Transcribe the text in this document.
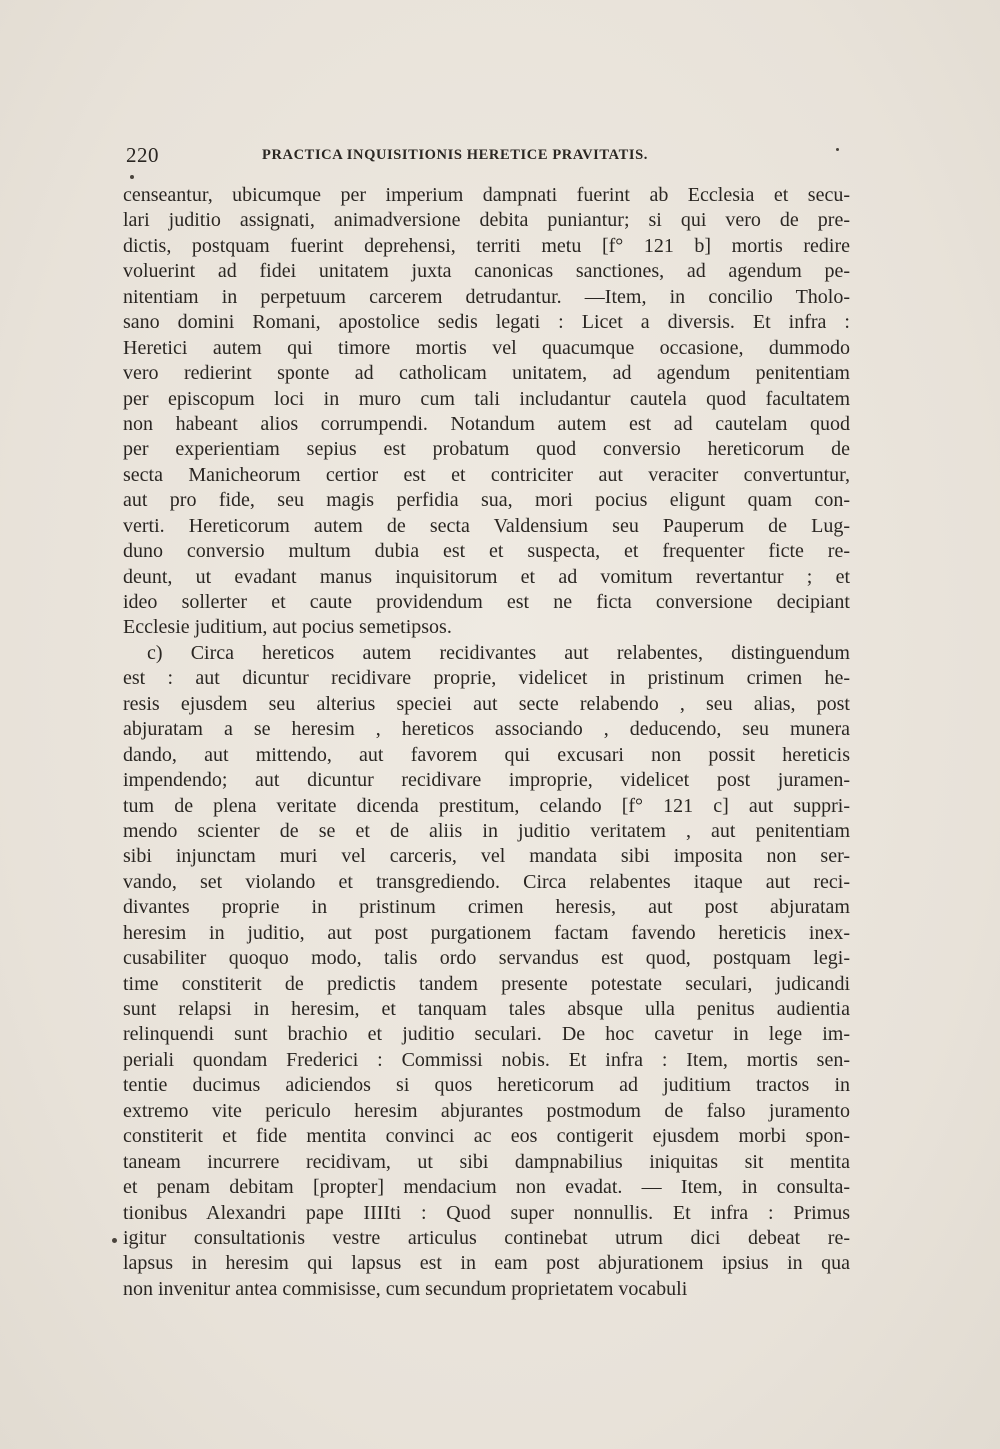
220	PRACTICA INQUISITIONIS HERETICE PRAVITATIS.
censeantur, ubicumque per imperium dampnati fuerint ab Ecclesia et secu-
lari juditio assignati, animadversione debita puniantur; si qui vero de pre-
dictis, postquam fuerint deprehensi, territi metu [f° 121 b] mortis redire
voluerint ad fidei unitatem juxta canonicas sanctiones, ad agendum pe-
nitentiam in perpetuum carcerem detrudantur. —Item, in concilio Tholo-
sano domini Romani, apostolice sedis legati : Licet a diversis. Et infra :
Heretici autem qui timore mortis vel quacumque occasione, dummodo
vero redierint sponte ad catholicam unitatem, ad agendum penitentiam
per episcopum loci in muro cum tali includantur cautela quod facultatem
non habeant alios corrumpendi. Notandum autem est ad cautelam quod
per experientiam sepius est probatum quod conversio hereticorum de
secta Manicheorum certior est et contriciter aut veraciter convertuntur,
aut pro fide, seu magis perfidia sua, mori pocius eligunt quam con-
verti. Hereticorum autem de secta Valdensium seu Pauperum de Lug-
duno conversio multum dubia est et suspecta, et frequenter ficte re-
deunt, ut evadant manus inquisitorum et ad vomitum revertantur ; et
ideo sollerter et caute providendum est ne ficta conversione decipiant
Ecclesie juditium, aut pocius semetipsos.
c) Circa hereticos autem recidivantes aut relabentes, distinguendum
est : aut dicuntur recidivare proprie, videlicet in pristinum crimen he-
resis ejusdem seu alterius speciei aut secte relabendo , seu alias, post
abjuratam a se heresim , hereticos associando , deducendo, seu munera
dando, aut mittendo, aut favorem qui excusari non possit hereticis
impendendo; aut dicuntur recidivare improprie, videlicet post juramen-
tum de plena veritate dicenda prestitum, celando [f° 121 c] aut suppri-
mendo scienter de se et de aliis in juditio veritatem , aut penitentiam
sibi injunctam muri vel carceris, vel mandata sibi imposita non ser-
vando, set violando et transgrediendo. Circa relabentes itaque aut reci-
divantes proprie in pristinum crimen heresis, aut post abjuratam
heresim in juditio, aut post purgationem factam favendo hereticis inex-
cusabiliter quoquo modo, talis ordo servandus est quod, postquam legi-
time constiterit de predictis tandem presente potestate seculari, judicandi
sunt relapsi in heresim, et tanquam tales absque ulla penitus audientia
relinquendi sunt brachio et juditio seculari. De hoc cavetur in lege im-
periali quondam Frederici : Commissi nobis. Et infra : Item, mortis sen-
tentie ducimus adiciendos si quos hereticorum ad juditium tractos in
extremo vite periculo heresim abjurantes postmodum de falso juramento
constiterit et fide mentita convinci ac eos contigerit ejusdem morbi spon-
taneam incurrere recidivam, ut sibi dampnabilius iniquitas sit mentita
et penam debitam [propter] mendacium non evadat. — Item, in consulta-
tionibus Alexandri pape IIIIti : Quod super nonnullis. Et infra : Primus
igitur consultationis vestre articulus continebat utrum dici debeat re-
lapsus in heresim qui lapsus est in eam post abjurationem ipsius in qua
non invenitur antea commisisse, cum secundum proprietatem vocabuli
